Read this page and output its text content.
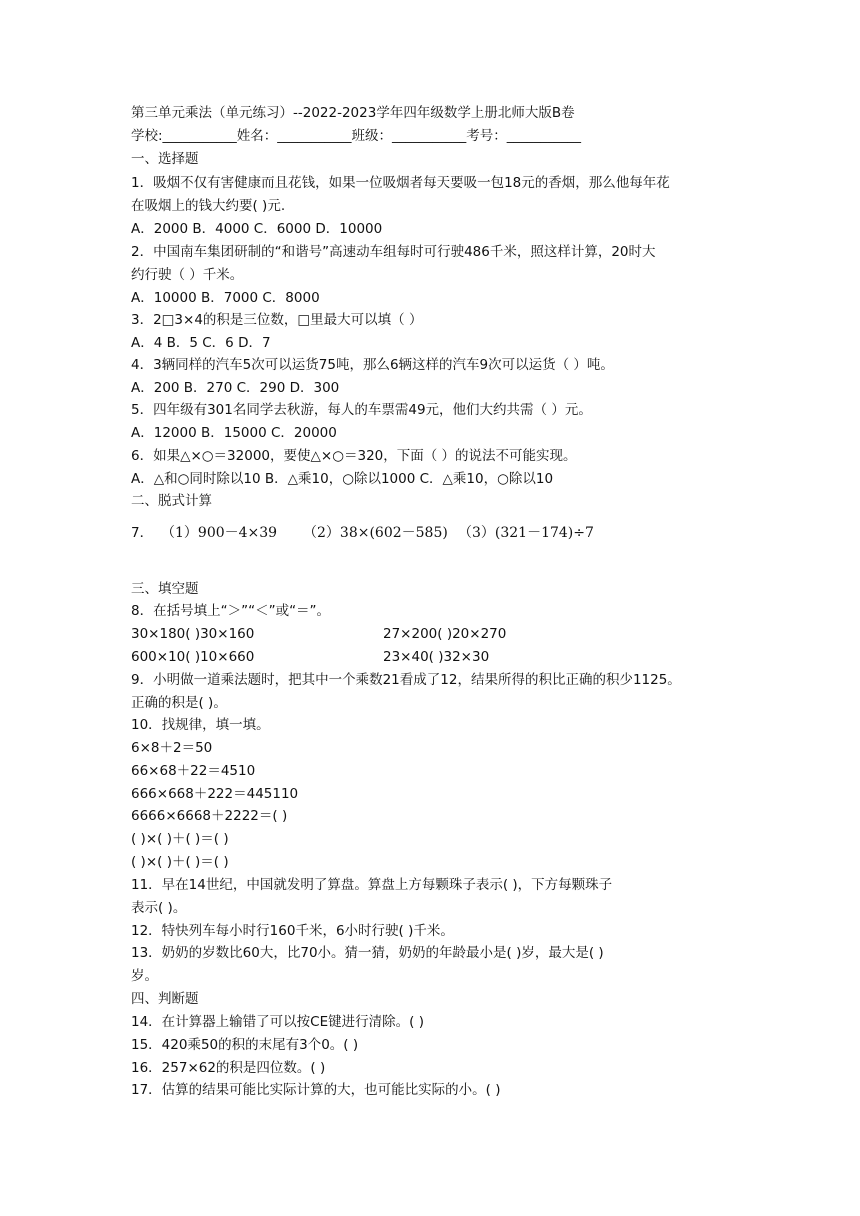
第三单元乘法（单元练习）--2022-2023学年四年级数学上册北师大版B卷
学校:___________姓名：___________班级：___________考号：___________
一、选择题
1．吸烟不仅有害健康而且花钱，如果一位吸烟者每天要吸一包18元的香烟，那么他每年花
在吸烟上的钱大约要( )元.
A．2000 B．4000 C．6000 D．10000
2．中国南车集团研制的“和谐号”高速动车组每时可行驶486千米，照这样计算，20时大
约行驶（ ）千米。
A．10000 B．7000 C．8000
3．2□3×4的积是三位数，□里最大可以填（ ）
A．4 B．5 C．6 D．7
4．3辆同样的汽车5次可以运货75吨，那么6辆这样的汽车9次可以运货（ ）吨。
A．200 B．270 C．290 D．300
5．四年级有301名同学去秋游，每人的车票需49元，他们大约共需（ ）元。
A．12000 B．15000 C．20000
6．如果△×○＝32000，要使△×○＝320，下面（ ）的说法不可能实现。
A．△和○同时除以10 B．△乘10，○除以1000 C．△乘10，○除以10
二、脱式计算
7． （1）900－4×39 （2）38×(602－585) （3）(321－174)÷7
三、填空题
8．在括号填上“＞”“＜”或“＝”。
30×180( )30×160	27×200( )20×270
600×10( )10×660	23×40( )32×30
9．小明做一道乘法题时，把其中一个乘数21看成了12，结果所得的积比正确的积少1125。
正确的积是( )。
10．找规律，填一填。
6×8＋2＝50
66×68＋22＝4510
666×668＋222＝445110
6666×6668＋2222＝( )
( )×( )＋( )＝( )
( )×( )＋( )＝( )
11．早在14世纪，中国就发明了算盘。算盘上方每颗珠子表示( )，下方每颗珠子
表示( )。
12．特快列车每小时行160千米，6小时行驶( )千米。
13．奶奶的岁数比60大，比70小。猜一猜，奶奶的年龄最小是( )岁，最大是( )
岁。
四、判断题
14．在计算器上输错了可以按CE键进行清除。( )
15．420乘50的积的末尾有3个0。( )
16．257×62的积是四位数。( )
17．估算的结果可能比实际计算的大，也可能比实际的小。( )
